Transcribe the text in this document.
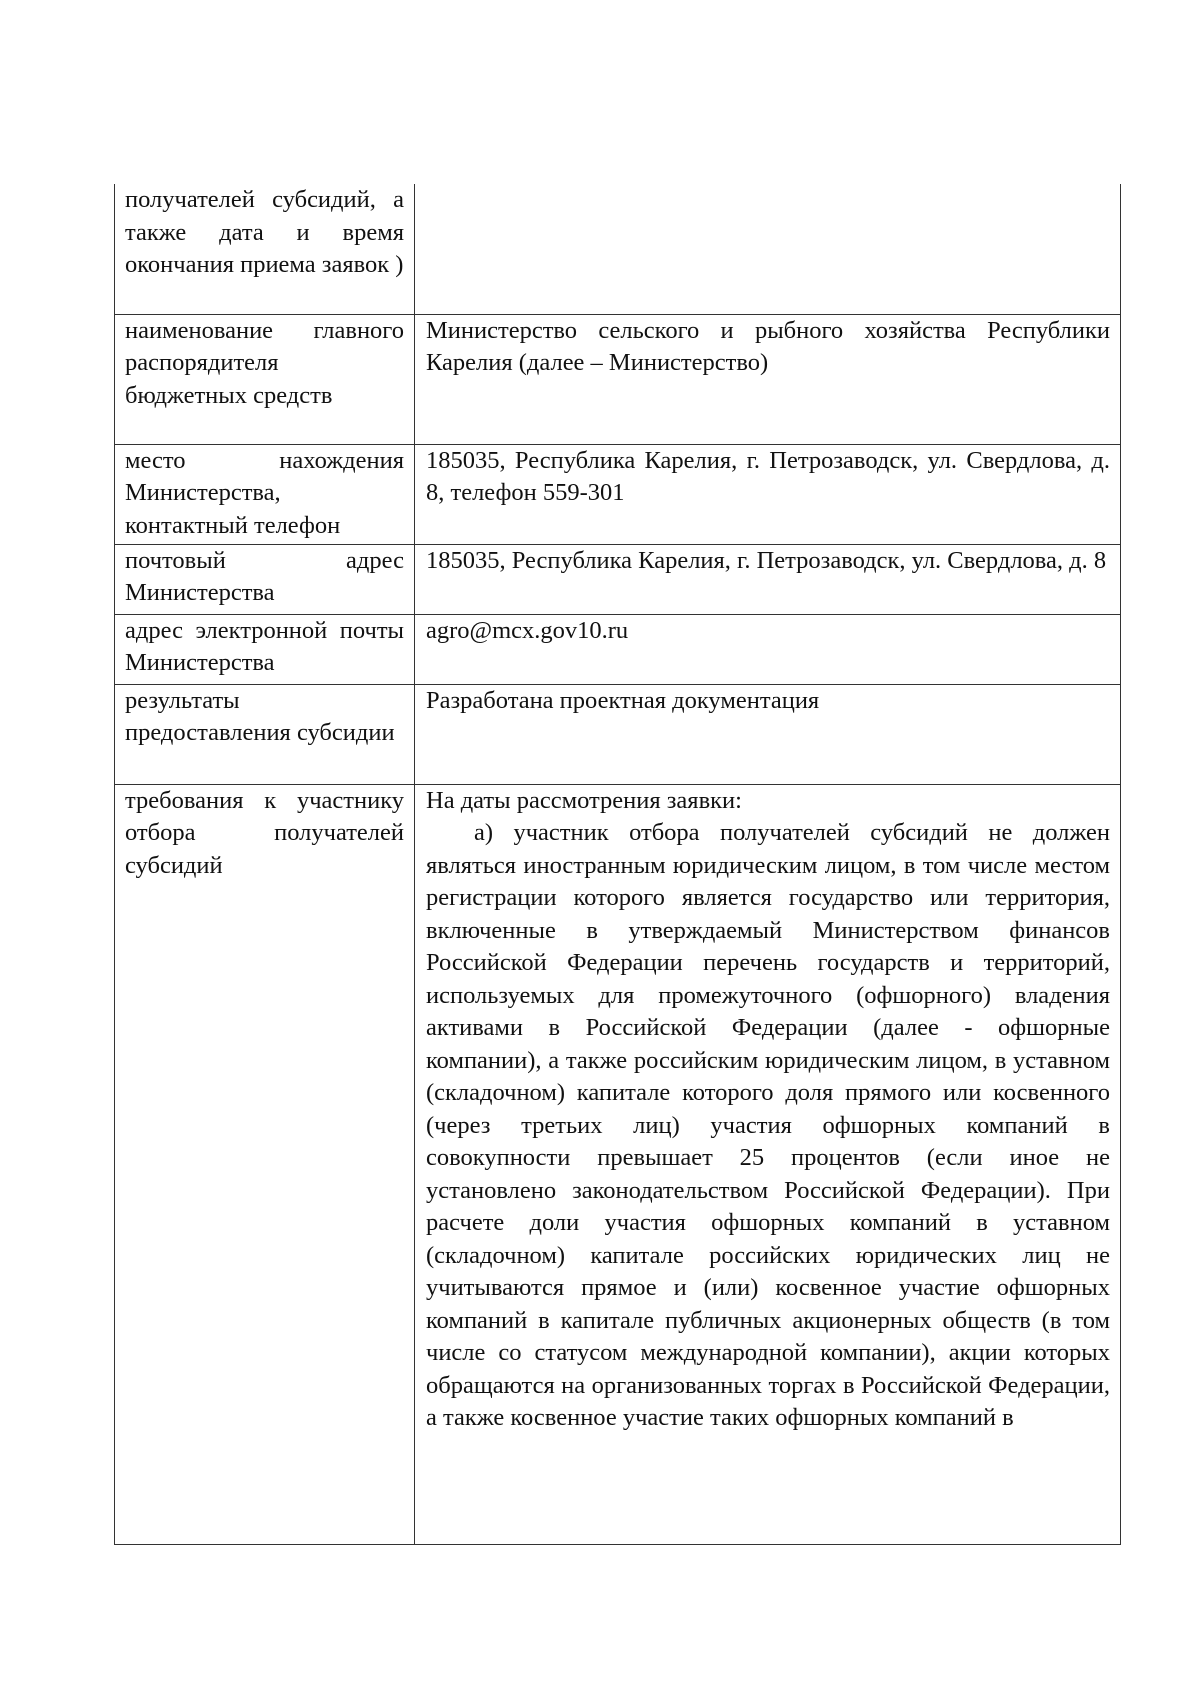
получателей субсидий, а также дата и время окончания приема заявок )	

наименование главного распорядителя бюджетных средств	Министерство сельского и рыбного хозяйства Республики Карелия (далее – Министерство)

место нахождения Министерства, контактный телефон	185035, Республика Карелия, г. Петрозаводск, ул. Свердлова, д. 8, телефон 559-301

почтовый адрес Министерства	185035, Республика Карелия, г. Петрозаводск, ул. Свердлова, д. 8

адрес электронной почты Министерства	agro@mcx.gov10.ru

результаты предоставления субсидии	Разработана проектная документация

требования к участнику отбора получателей субсидий	На даты рассмотрения заявки:

а) участник отбора получателей субсидий не должен являться иностранным юридическим лицом, в том числе местом регистрации которого является государство или территория, включенные в утверждаемый Министерством финансов Российской Федерации перечень государств и территорий, используемых для промежуточного (офшорного) владения активами в Российской Федерации (далее - офшорные компании), а также российским юридическим лицом, в уставном (складочном) капитале которого доля прямого или косвенного (через третьих лиц) участия офшорных компаний в совокупности превышает 25 процентов (если иное не установлено законодательством Российской Федерации). При расчете доли участия офшорных компаний в уставном (складочном) капитале российских юридических лиц не учитываются прямое и (или) косвенное участие офшорных компаний в капитале публичных акционерных обществ (в том числе со статусом международной компании), акции которых обращаются на организованных торгах в Российской Федерации, а также косвенное участие таких офшорных компаний в
